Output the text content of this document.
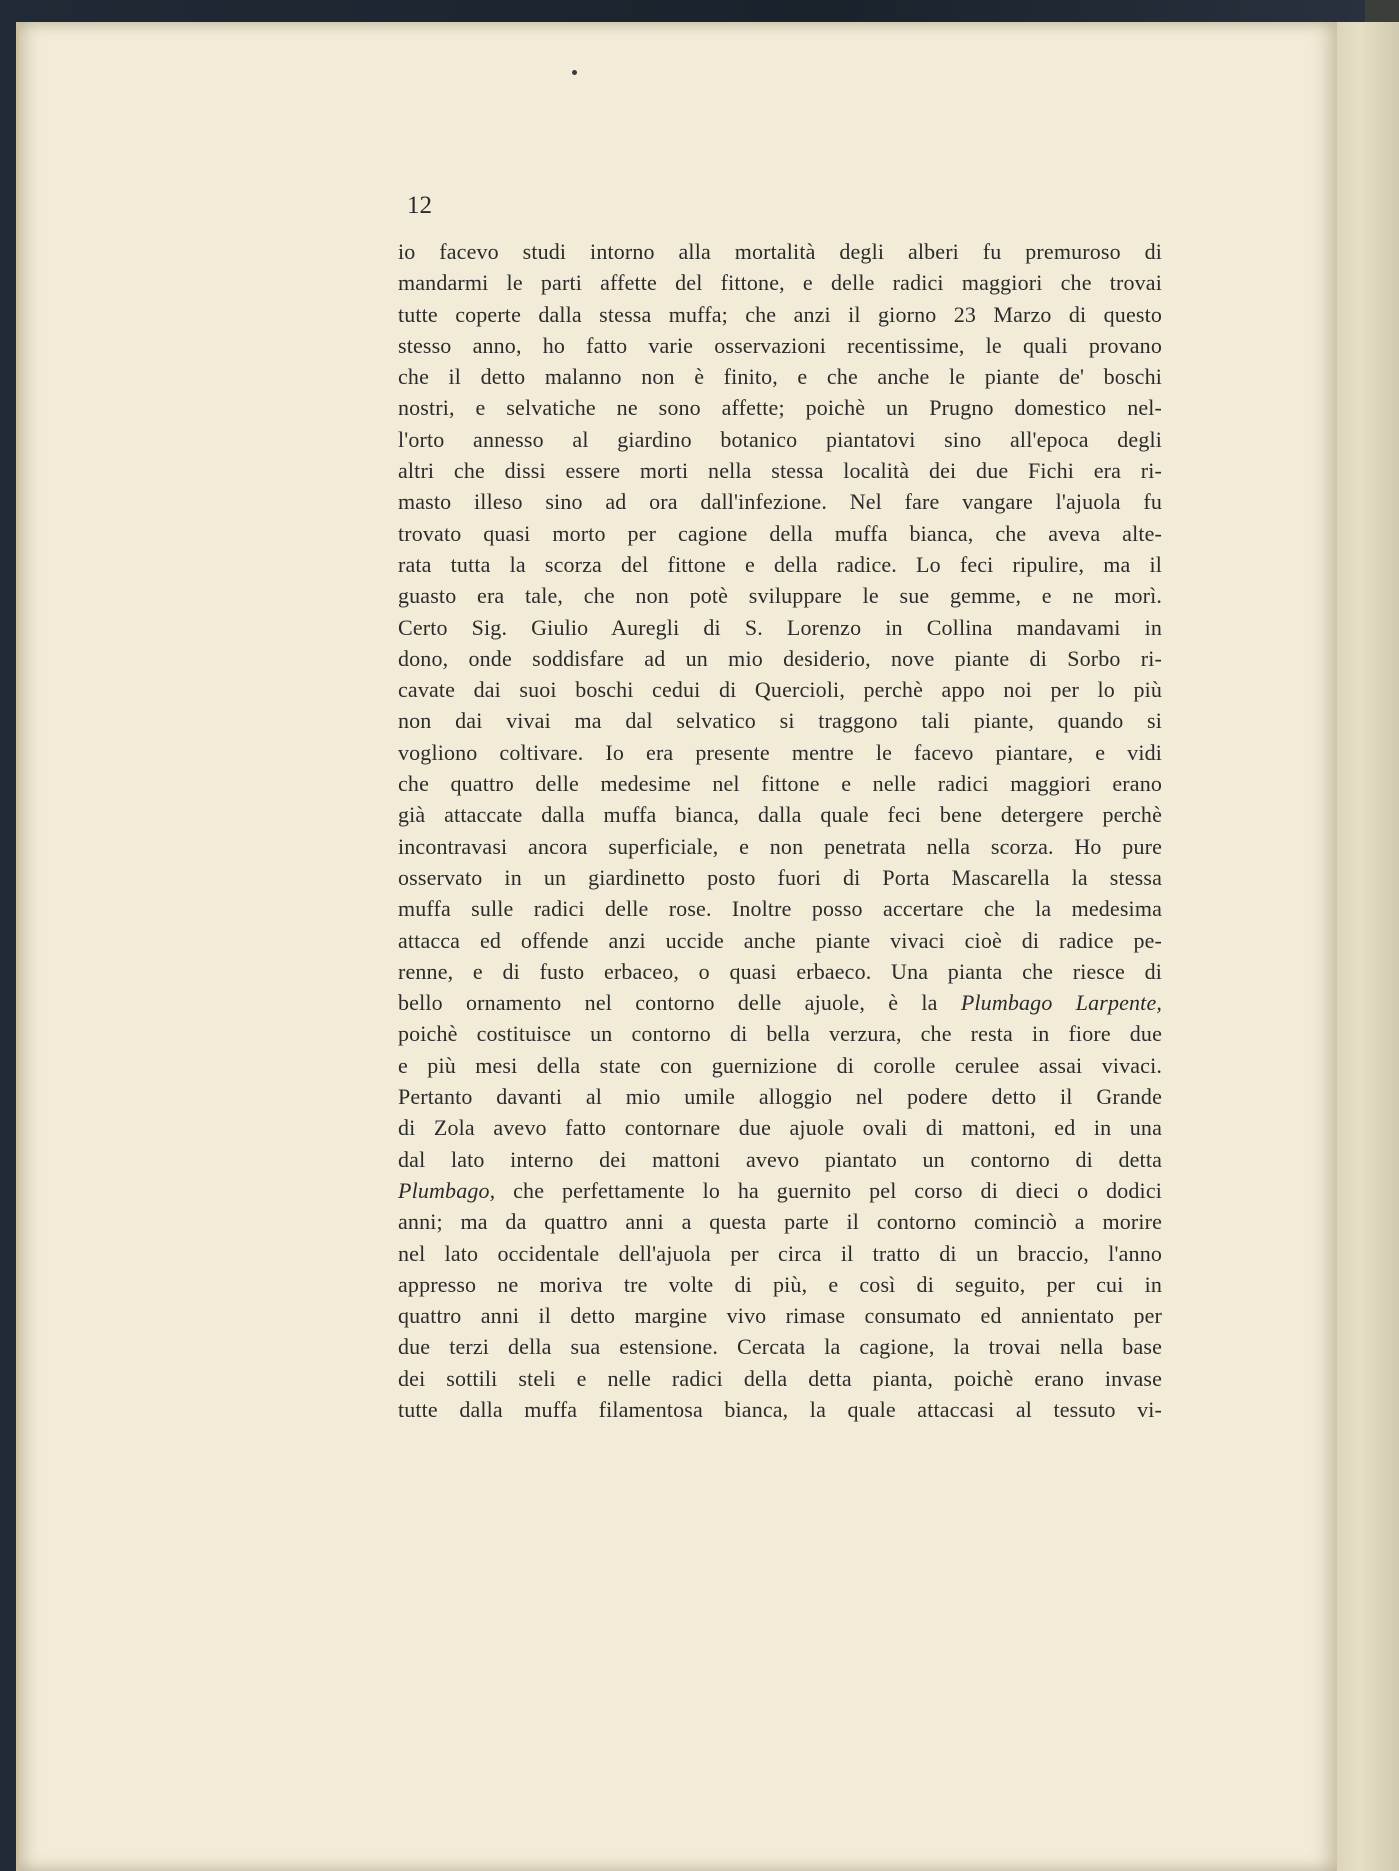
12
io facevo studi intorno alla mortalità degli alberi fu premuroso di
mandarmi le parti affette del fittone, e delle radici maggiori che trovai
tutte coperte dalla stessa muffa; che anzi il giorno 23 Marzo di questo
stesso anno, ho fatto varie osservazioni recentissime, le quali provano
che il detto malanno non è finito, e che anche le piante de' boschi
nostri, e selvatiche ne sono affette; poichè un Prugno domestico nel-
l'orto annesso al giardino botanico piantatovi sino all'epoca degli
altri che dissi essere morti nella stessa località dei due Fichi era ri-
masto illeso sino ad ora dall'infezione. Nel fare vangare l'ajuola fu
trovato quasi morto per cagione della muffa bianca, che aveva alte-
rata tutta la scorza del fittone e della radice. Lo feci ripulire, ma il
guasto era tale, che non potè sviluppare le sue gemme, e ne morì.
Certo Sig. Giulio Auregli di S. Lorenzo in Collina mandavami in
dono, onde soddisfare ad un mio desiderio, nove piante di Sorbo ri-
cavate dai suoi boschi cedui di Quercioli, perchè appo noi per lo più
non dai vivai ma dal selvatico si traggono tali piante, quando si
vogliono coltivare. Io era presente mentre le facevo piantare, e vidi
che quattro delle medesime nel fittone e nelle radici maggiori erano
già attaccate dalla muffa bianca, dalla quale feci bene detergere perchè
incontravasi ancora superficiale, e non penetrata nella scorza. Ho pure
osservato in un giardinetto posto fuori di Porta Mascarella la stessa
muffa sulle radici delle rose. Inoltre posso accertare che la medesima
attacca ed offende anzi uccide anche piante vivaci cioè di radice pe-
renne, e di fusto erbaceo, o quasi erbaeco. Una pianta che riesce di
bello ornamento nel contorno delle ajuole, è la Plumbago Larpente,
poichè costituisce un contorno di bella verzura, che resta in fiore due
e più mesi della state con guernizione di corolle cerulee assai vivaci.
Pertanto davanti al mio umile alloggio nel podere detto il Grande
di Zola avevo fatto contornare due ajuole ovali di mattoni, ed in una
dal lato interno dei mattoni avevo piantato un contorno di detta
Plumbago, che perfettamente lo ha guernito pel corso di dieci o dodici
anni; ma da quattro anni a questa parte il contorno cominciò a morire
nel lato occidentale dell'ajuola per circa il tratto di un braccio, l'anno
appresso ne moriva tre volte di più, e così di seguito, per cui in
quattro anni il detto margine vivo rimase consumato ed annientato per
due terzi della sua estensione. Cercata la cagione, la trovai nella base
dei sottili steli e nelle radici della detta pianta, poichè erano invase
tutte dalla muffa filamentosa bianca, la quale attaccasi al tessuto vi-
